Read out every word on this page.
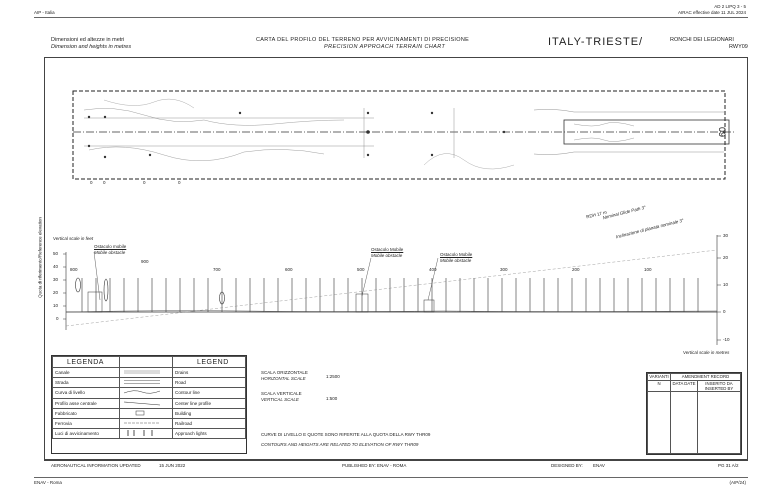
AIP - Italia
AD 2 LIPQ 3 - 5
AIRAC effective date 11 JUL 2024
Dimensioni ed altezze in metri
Dimension and heights in metres
CARTA DEL PROFILO DEL TERRENO PER AVVICINAMENTI DI PRECISIONE
PRECISION APPROACH TERRAIN CHART	ITALY-TRIESTE/	RONCHI DEI LEGIONARI
RWY09
09
0 0	0	0
Vertical scale in feet
Vertical scale in metres
Quota di riferimento/Reference elevation 50
40
30
20
10
0
30
20
10
0
-10
800
900
700	600	500	400	300	200	100
Nominal Glide Path 3°
Inclinazione di planata nominale 3°
RDH 17 m
Ostacolo mobile
Mobile obstacle
Ostacolo Mobile
Mobile obstacle	Ostacolo Mobile
Mobile obstacle
LEGENDA		LEGEND
Canale		Drains
Strada		Road
Curva di livello		Contour line
Profilo asse centrale		Center line profile
Fabbricato		Building
Ferrovia		Railroad
Luci di avvicinamento		Approach lights
SCALA ORIZZONTALE
HORIZONTAL SCALE	1:2500
SCALA VERTICALE
VERTICAL SCALE	1:500
CURVE DI LIVELLO E QUOTE SONO RIFERITE ALLA QUOTA DELLA RWY THR09
CONTOURS AND HEIGHTS ARE RELATED TO ELEVATION OF RWY THR09
VARIANTI	AMENDMENT RECORD	
N	DATA DATE	INSERITO DA INSERTED BY

AERONAUTICAL INFORMATION UPDATED	15 JUN 2022	PUBLISHED BY: ENAV - ROMA	DESIGNED BY: ENAV	PG 31 A/2
ENAV - Roma	(AIP/24)
